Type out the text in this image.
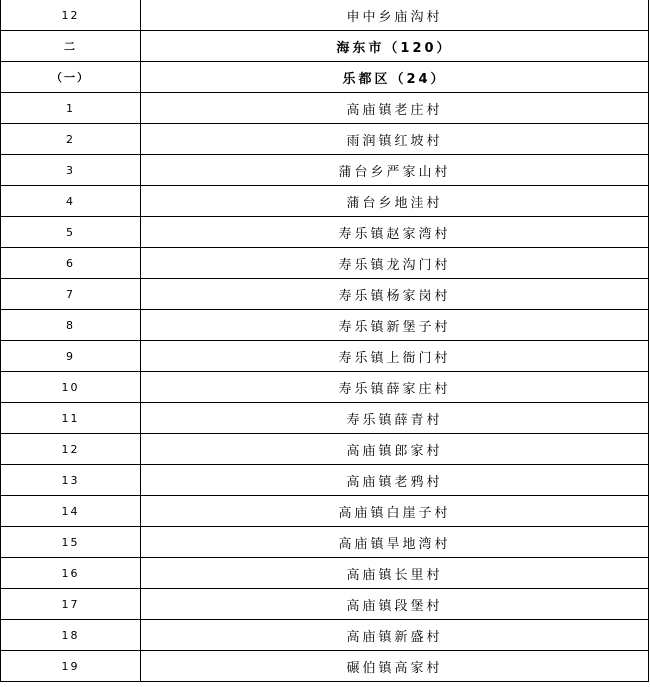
12	申中乡庙沟村
二	海东市（120）
（一）	乐都区（24）
1	高庙镇老庄村
2	雨润镇红坡村
3	蒲台乡严家山村
4	蒲台乡地洼村
5	寿乐镇赵家湾村
6	寿乐镇龙沟门村
7	寿乐镇杨家岗村
8	寿乐镇新堡子村
9	寿乐镇上衙门村
10	寿乐镇薛家庄村
11	寿乐镇薛青村
12	高庙镇郎家村
13	高庙镇老鸦村
14	高庙镇白崖子村
15	高庙镇旱地湾村
16	高庙镇长里村
17	高庙镇段堡村
18	高庙镇新盛村
19	碾伯镇高家村
